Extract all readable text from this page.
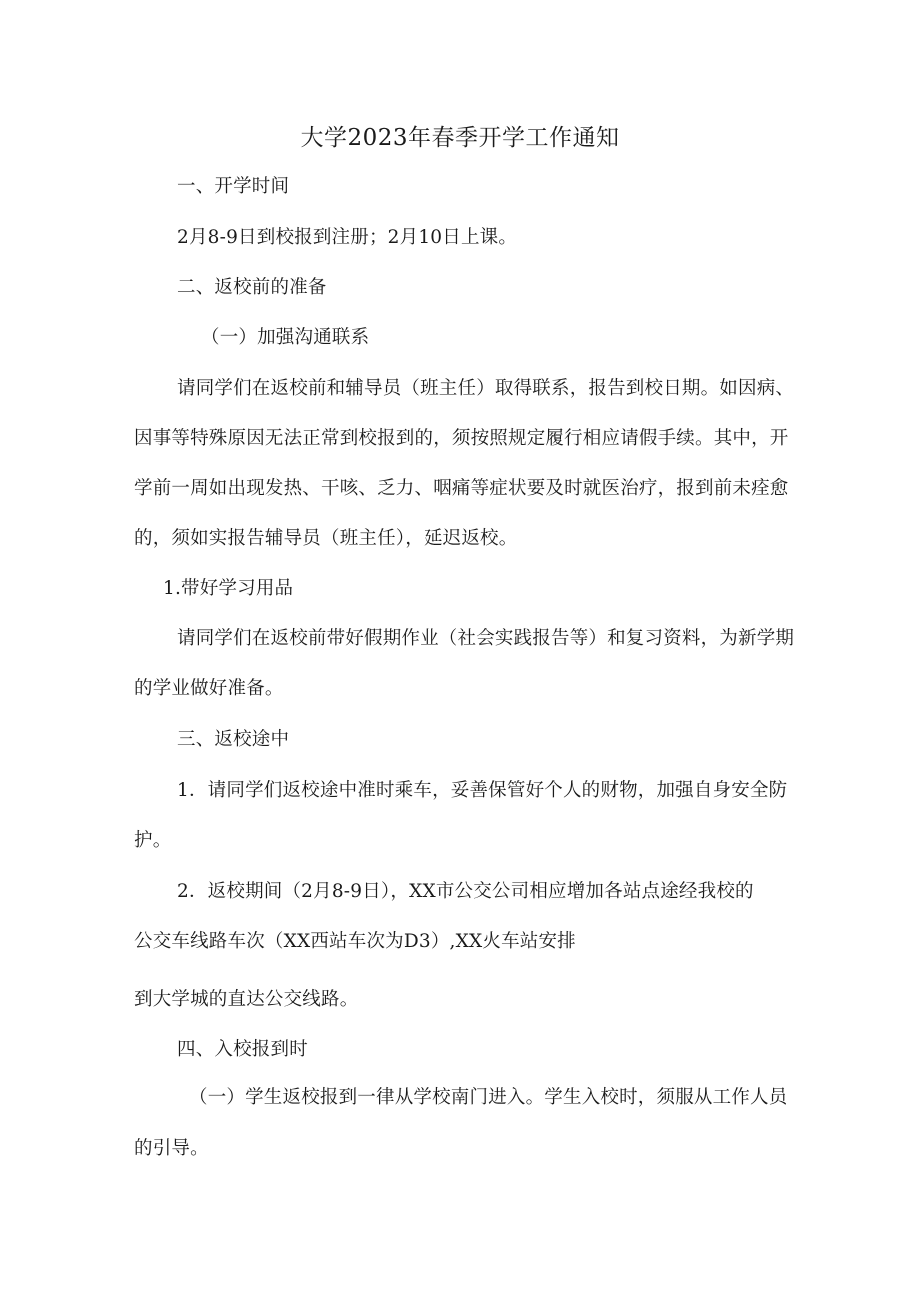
大学2023年春季开学工作通知
一、开学时间
2月8-9日到校报到注册；2月10日上课。
二、返校前的准备
（一）加强沟通联系
请同学们在返校前和辅导员（班主任）取得联系，报告到校日期。如因病、
因事等特殊原因无法正常到校报到的，须按照规定履行相应请假手续。其中，开
学前一周如出现发热、干咳、乏力、咽痛等症状要及时就医治疗，报到前未痊愈
的，须如实报告辅导员（班主任），延迟返校。
1.带好学习用品
请同学们在返校前带好假期作业（社会实践报告等）和复习资料，为新学期
的学业做好准备。
三、返校途中
1．请同学们返校途中准时乘车，妥善保管好个人的财物，加强自身安全防
护。
2．返校期间（2月8-9日），XX市公交公司相应增加各站点途经我校的
公交车线路车次（XX西站车次为D3）,XX火车站安排
到大学城的直达公交线路。
四、入校报到时
（一）学生返校报到一律从学校南门进入。学生入校时，须服从工作人员
的引导。
